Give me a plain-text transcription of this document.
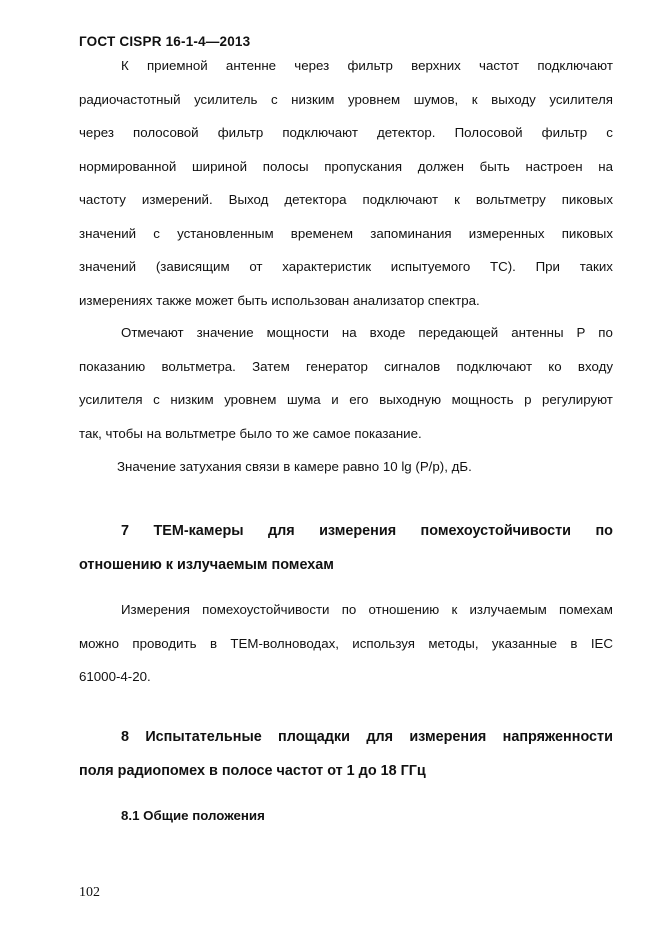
ГОСТ CISPR 16-1-4—2013
К приемной антенне через фильтр верхних частот подключают
радиочастотный усилитель с низким уровнем шумов, к выходу усилителя
через полосовой фильтр подключают детектор. Полосовой фильтр с
нормированной шириной полосы пропускания должен быть настроен на
частоту измерений. Выход детектора подключают к вольтметру пиковых
значений с установленным временем запоминания измеренных пиковых
значений (зависящим от характеристик испытуемого ТС). При таких
измерениях также может быть использован анализатор спектра.
Отмечают значение мощности на входе передающей антенны P по
показанию вольтметра. Затем генератор сигналов подключают ко входу
усилителя с низким уровнем шума и его выходную мощность p регулируют
так, чтобы на вольтметре было то же самое показание.
Значение затухания связи в камере равно 10 lg (P/p), дБ.
7 ТЕМ-камеры для измерения помехоустойчивости по
отношению к излучаемым помехам
Измерения помехоустойчивости по отношению к излучаемым помехам
можно проводить в ТЕМ-волноводах, используя методы, указанные в IEC
61000-4-20.
8 Испытательные площадки для измерения напряженности
поля радиопомех в полосе частот от 1 до 18 ГГц
8.1 Общие положения
102
